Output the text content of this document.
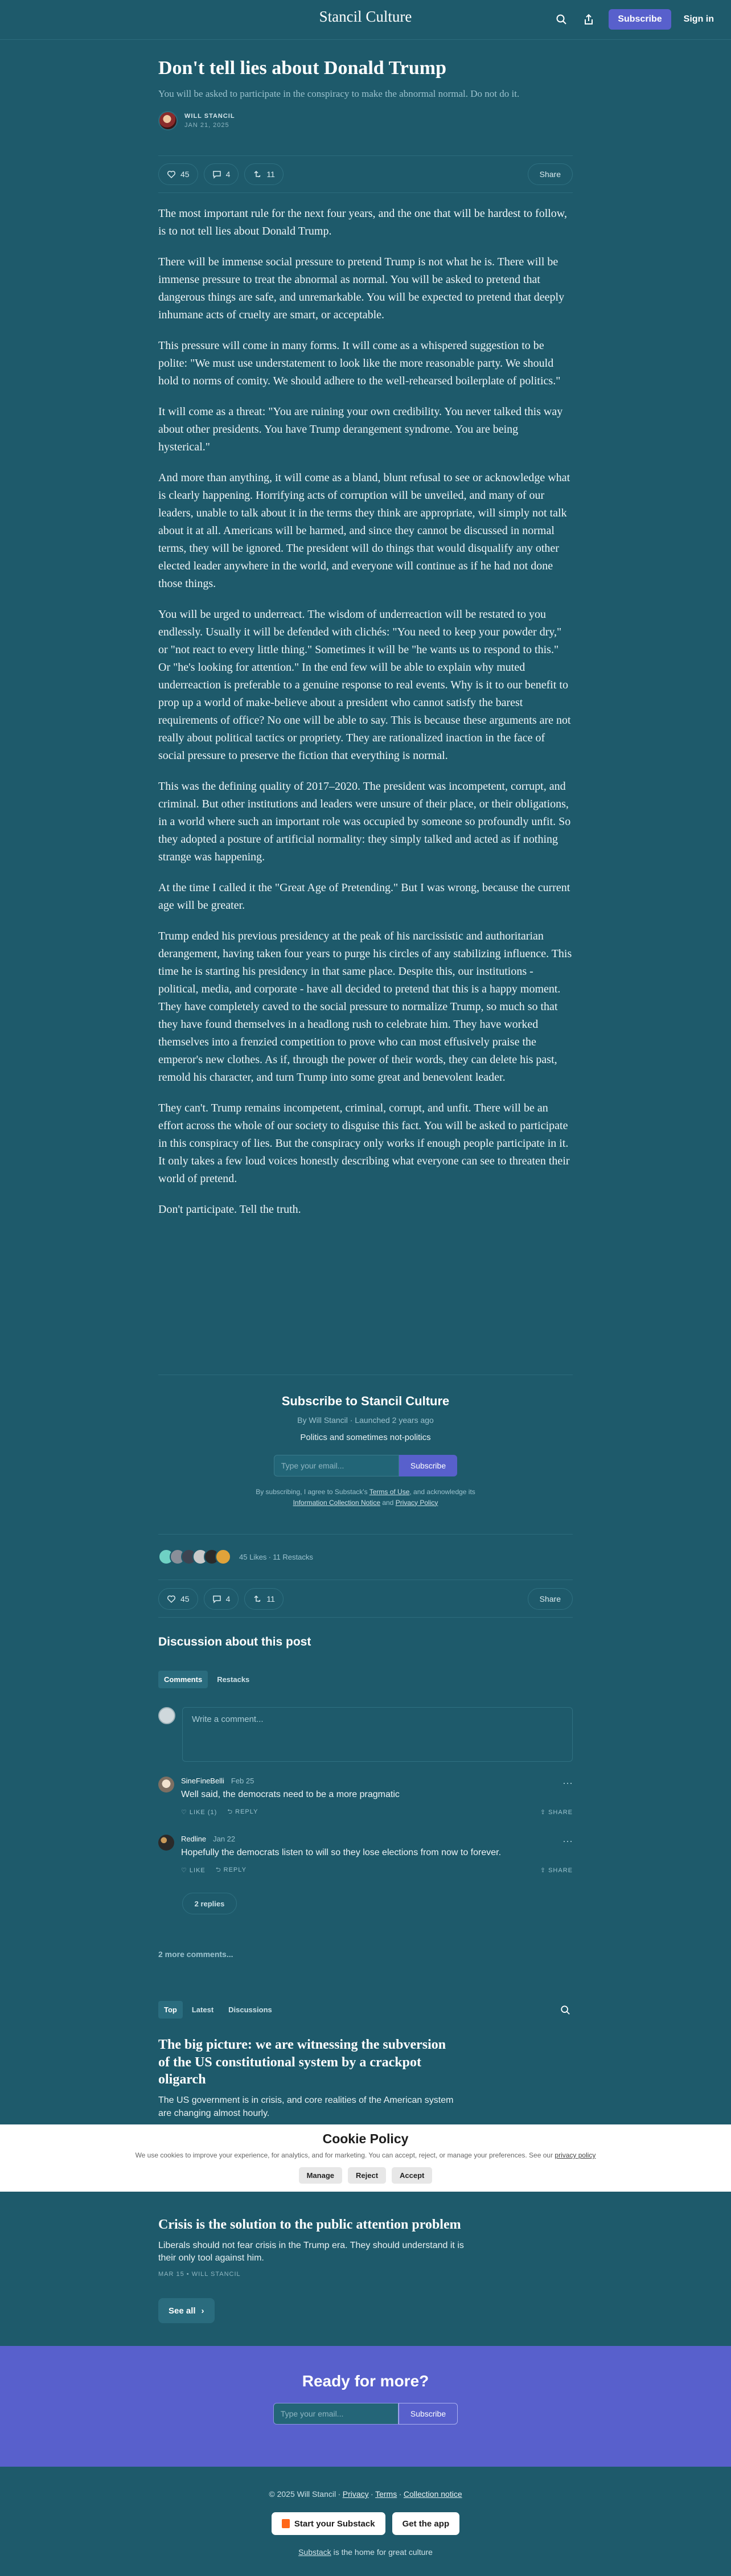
Stancil Culture	Subscribe	Sign in
Don't tell lies about Donald Trump
You will be asked to participate in the conspiracy to make the abnormal normal. Do not do it.
WILL STANCIL
JAN 21, 2025
45	4	11	Share

The most important rule for the next four years, and the one that will be hardest to follow, is to not tell lies about Donald Trump.

There will be immense social pressure to pretend Trump is not what he is. There will be immense pressure to treat the abnormal as normal. You will be asked to pretend that dangerous things are safe, and unremarkable. You will be expected to pretend that deeply inhumane acts of cruelty are smart, or acceptable.

This pressure will come in many forms. It will come as a whispered suggestion to be polite: "We must use understatement to look like the more reasonable party. We should hold to norms of comity. We should adhere to the well-rehearsed boilerplate of politics."

It will come as a threat: "You are ruining your own credibility. You never talked this way about other presidents. You have Trump derangement syndrome. You are being hysterical."

And more than anything, it will come as a bland, blunt refusal to see or acknowledge what is clearly happening. Horrifying acts of corruption will be unveiled, and many of our leaders, unable to talk about it in the terms they think are appropriate, will simply not talk about it at all. Americans will be harmed, and since they cannot be discussed in normal terms, they will be ignored. The president will do things that would disqualify any other elected leader anywhere in the world, and everyone will continue as if he had not done those things.

You will be urged to underreact. The wisdom of underreaction will be restated to you endlessly. Usually it will be defended with clichés: "You need to keep your powder dry," or "not react to every little thing." Sometimes it will be "he wants us to respond to this." Or "he's looking for attention." In the end few will be able to explain why muted underreaction is preferable to a genuine response to real events. Why is it to our benefit to prop up a world of make-believe about a president who cannot satisfy the barest requirements of office? No one will be able to say. This is because these arguments are not really about political tactics or propriety. They are rationalized inaction in the face of social pressure to preserve the fiction that everything is normal.

This was the defining quality of 2017–2020. The president was incompetent, corrupt, and criminal. But other institutions and leaders were unsure of their place, or their obligations, in a world where such an important role was occupied by someone so profoundly unfit. So they adopted a posture of artificial normality: they simply talked and acted as if nothing strange was happening.

At the time I called it the "Great Age of Pretending." But I was wrong, because the current age will be greater.

Trump ended his previous presidency at the peak of his narcissistic and authoritarian derangement, having taken four years to purge his circles of any stabilizing influence. This time he is starting his presidency in that same place. Despite this, our institutions - political, media, and corporate - have all decided to pretend that this is a happy moment. They have completely caved to the social pressure to normalize Trump, so much so that they have found themselves in a headlong rush to celebrate him. They have worked themselves into a frenzied competition to prove who can most effusively praise the emperor's new clothes. As if, through the power of their words, they can delete his past, remold his character, and turn Trump into some great and benevolent leader.

They can't. Trump remains incompetent, criminal, corrupt, and unfit. There will be an effort across the whole of our society to disguise this fact. You will be asked to participate in this conspiracy of lies. But the conspiracy only works if enough people participate in it. It only takes a few loud voices honestly describing what everyone can see to threaten their world of pretend.

Don't participate. Tell the truth.

Subscribe to Stancil Culture
By Will Stancil · Launched 2 years ago
Politics and sometimes not-politics
Type your email...	Subscribe
By subscribing, I agree to Substack's Terms of Use, and acknowledge its
Information Collection Notice and Privacy Policy
45 Likes ∙ 11 Restacks
45	4	11	Share
Discussion about this post
Comments	Restacks
Write a comment...
SineFineBelli Feb 25
Well said, the democrats need to be a more pragmatic
♡ LIKE (1) ⮌ REPLY	⇪ SHARE
⋯
Redline Jan 22
Hopefully the democrats listen to will so they lose elections from now to forever.
♡ LIKE ⮌ REPLY	⇪ SHARE
⋯
2 replies
2 more comments...
Top	Latest	Discussions
The big picture: we are witnessing the subversion of the US constitutional system by a crackpot oligarch
The US government is in crisis, and core realities of the American system are changing almost hourly.
Cookie Policy
We use cookies to improve your experience, for analytics, and for marketing. You can accept, reject, or manage your preferences. See our privacy policy
Manage	Reject	Accept
Crisis is the solution to the public attention problem
Liberals should not fear crisis in the Trump era. They should understand it is their only tool against him.
MAR 15 • WILL STANCIL
See all ›
Ready for more?
Type your email...	Subscribe
© 2025 Will Stancil ∙ Privacy ∙ Terms ∙ Collection notice
Start your Substack	Get the app
Substack is the home for great culture
